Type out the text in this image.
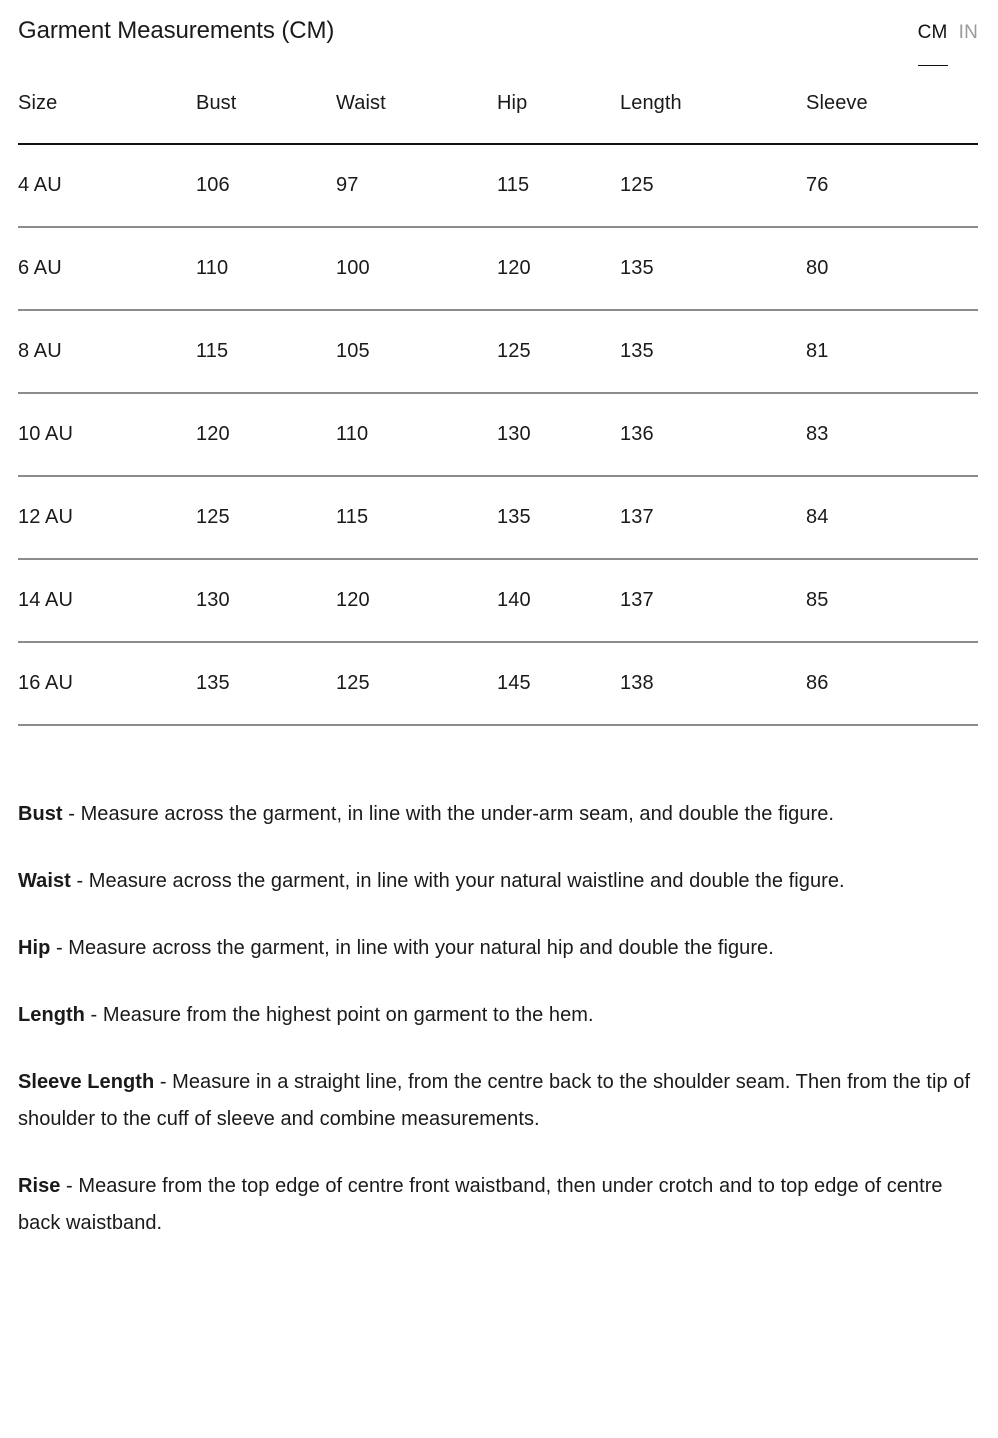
Garment Measurements (CM)	CM IN
Size	Bust	Waist	Hip	Length	Sleeve
4 AU	106	97	115	125	76
6 AU	110	100	120	135	80
8 AU	115	105	125	135	81
10 AU	120	110	130	136	83
12 AU	125	115	135	137	84
14 AU	130	120	140	137	85
16 AU	135	125	145	138	86

Bust - Measure across the garment, in line with the under-arm seam, and double the figure.

Waist - Measure across the garment, in line with your natural waistline and double the figure.

Hip - Measure across the garment, in line with your natural hip and double the figure.

Length - Measure from the highest point on garment to the hem.

Sleeve Length - Measure in a straight line, from the centre back to the shoulder seam. Then from the tip of shoulder to the cuff of sleeve and combine measurements.

Rise - Measure from the top edge of centre front waistband, then under crotch and to top edge of centre back waistband.
